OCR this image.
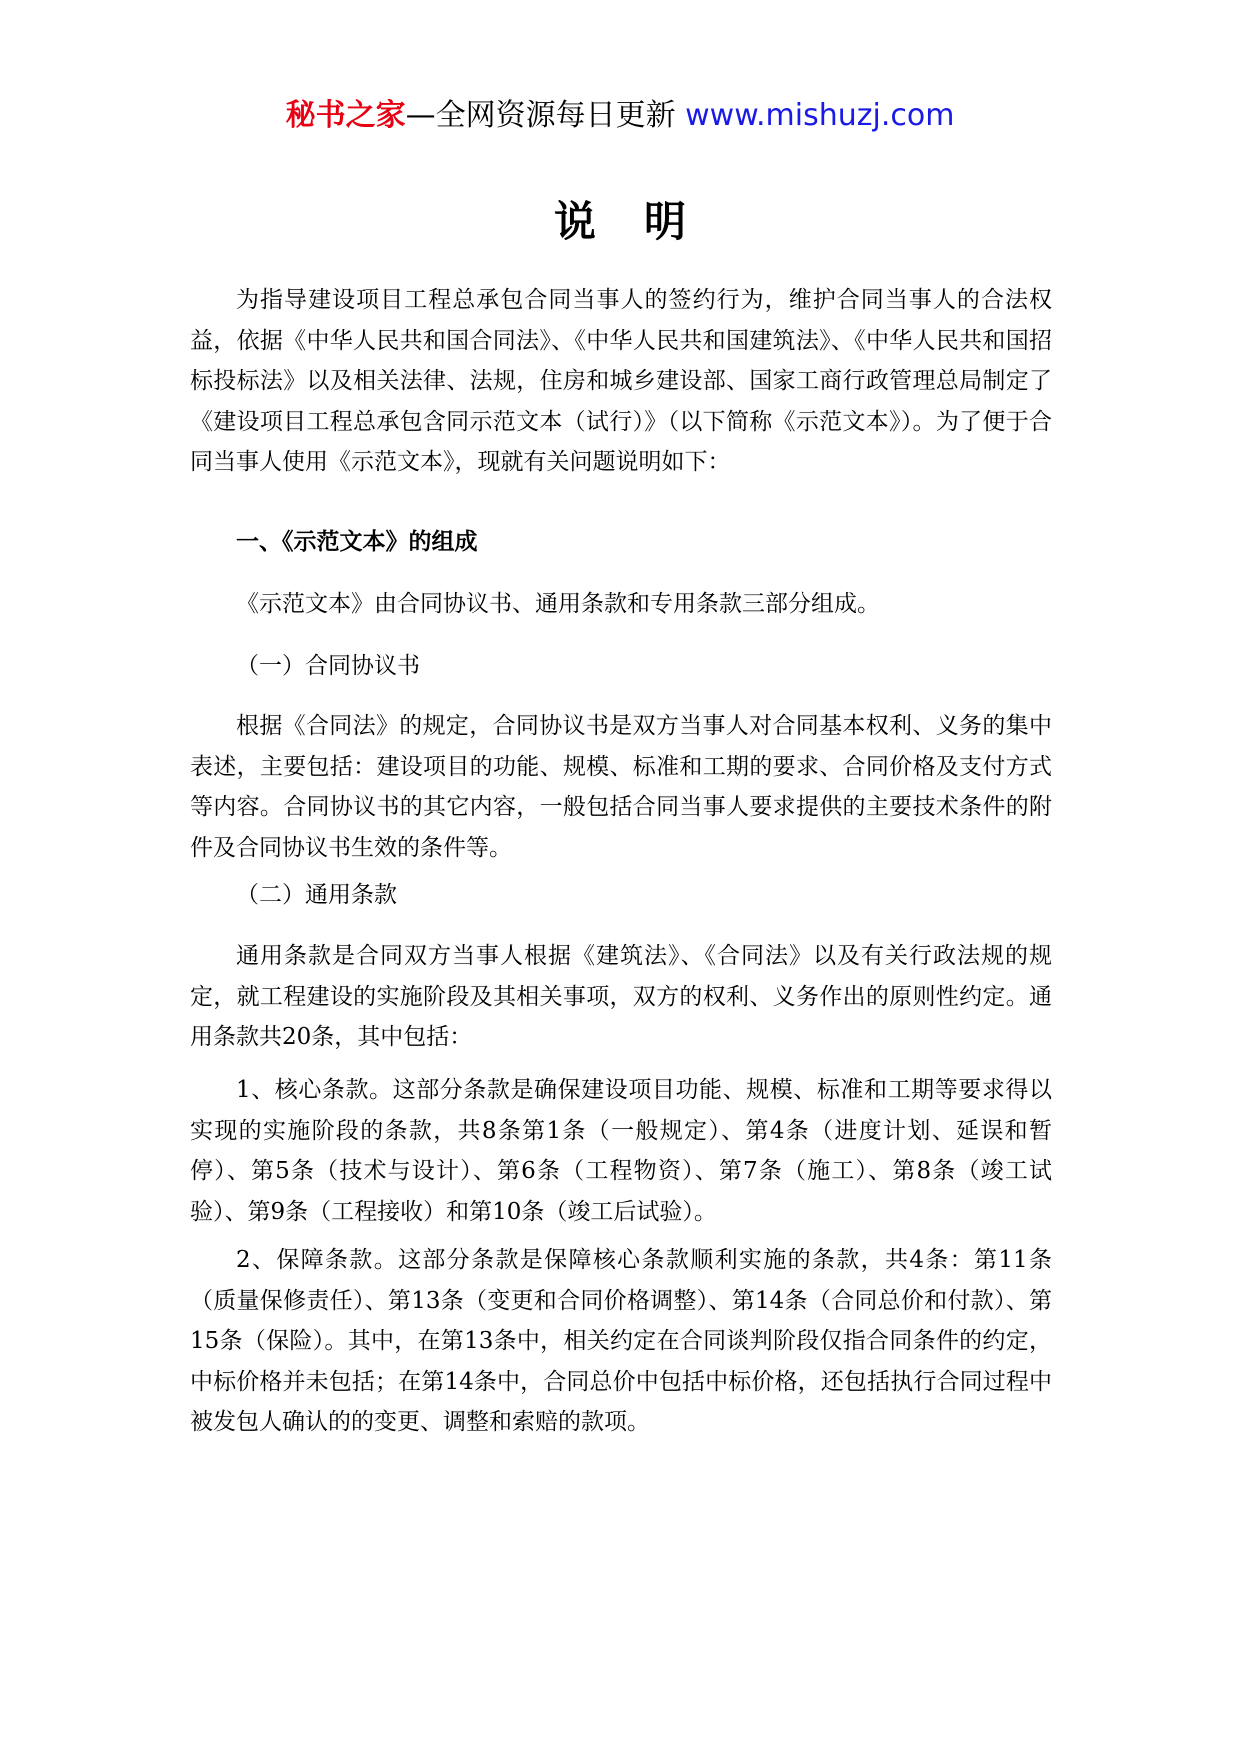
秘书之家—全网资源每日更新 www.mishuzj.com
说明

为指导建设项目工程总承包合同当事人的签约行为，维护合同当事人的合法权益，依据《中华人民共和国合同法》、《中华人民共和国建筑法》、《中华人民共和国招标投标法》以及相关法律、法规，住房和城乡建设部、国家工商行政管理总局制定了《建设项目工程总承包含同示范文本（试行）》（以下简称《示范文本》）。为了便于合同当事人使用《示范文本》，现就有关问题说明如下：

一、《示范文本》的组成

《示范文本》由合同协议书、通用条款和专用条款三部分组成。

（一）合同协议书

根据《合同法》的规定，合同协议书是双方当事人对合同基本权利、义务的集中表述，主要包括：建设项目的功能、规模、标准和工期的要求、合同价格及支付方式等内容。合同协议书的其它内容，一般包括合同当事人要求提供的主要技术条件的附件及合同协议书生效的条件等。

（二）通用条款

通用条款是合同双方当事人根据《建筑法》、《合同法》以及有关行政法规的规定，就工程建设的实施阶段及其相关事项，双方的权利、义务作出的原则性约定。通用条款共20条，其中包括：

1、核心条款。这部分条款是确保建设项目功能、规模、标准和工期等要求得以实现的实施阶段的条款，共8条第1条（一般规定）、第4条（进度计划、延误和暂停）、第5条（技术与设计）、第6条（工程物资）、第7条（施工）、第8条（竣工试验）、第9条（工程接收）和第10条（竣工后试验）。

2、保障条款。这部分条款是保障核心条款顺利实施的条款，共4条：第11条（质量保修责任）、第13条（变更和合同价格调整）、第14条（合同总价和付款）、第15条（保险）。其中，在第13条中，相关约定在合同谈判阶段仅指合同条件的约定，中标价格并未包括；在第14条中，合同总价中包括中标价格，还包括执行合同过程中被发包人确认的的变更、调整和索赔的款项。
